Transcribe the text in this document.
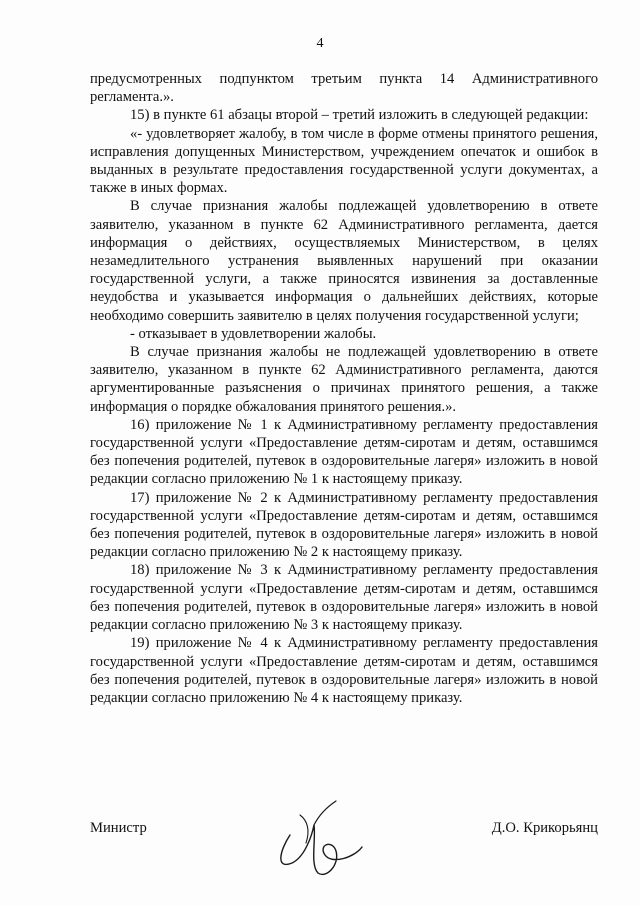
4

предусмотренных подпунктом третьим пункта 14 Административного регламента.».

15) в пункте 61 абзацы второй – третий изложить в следующей редакции:

«- удовлетворяет жалобу, в том числе в форме отмены принятого решения, исправления допущенных Министерством, учреждением опечаток и ошибок в выданных в результате предоставления государственной услуги документах, а также в иных формах.

В случае признания жалобы подлежащей удовлетворению в ответе заявителю, указанном в пункте 62 Административного регламента, дается информация о действиях, осуществляемых Министерством, в целях незамедлительного устранения выявленных нарушений при оказании государственной услуги, а также приносятся извинения за доставленные неудобства и указывается информация о дальнейших действиях, которые необходимо совершить заявителю в целях получения государственной услуги;

- отказывает в удовлетворении жалобы.

В случае признания жалобы не подлежащей удовлетворению в ответе заявителю, указанном в пункте 62 Административного регламента, даются аргументированные разъяснения о причинах принятого решения, а также информация о порядке обжалования принятого решения.».

16) приложение № 1 к Административному регламенту предоставления государственной услуги «Предоставление детям-сиротам и детям, оставшимся без попечения родителей, путевок в оздоровительные лагеря» изложить в новой редакции согласно приложению № 1 к настоящему приказу.

17) приложение № 2 к Административному регламенту предоставления государственной услуги «Предоставление детям-сиротам и детям, оставшимся без попечения родителей, путевок в оздоровительные лагеря» изложить в новой редакции согласно приложению № 2 к настоящему приказу.

18) приложение № 3 к Административному регламенту предоставления государственной услуги «Предоставление детям-сиротам и детям, оставшимся без попечения родителей, путевок в оздоровительные лагеря» изложить в новой редакции согласно приложению № 3 к настоящему приказу.

19) приложение № 4 к Административному регламенту предоставления государственной услуги «Предоставление детям-сиротам и детям, оставшимся без попечения родителей, путевок в оздоровительные лагеря» изложить в новой редакции согласно приложению № 4 к настоящему приказу.

Министр	Д.О. Крикорьянц
